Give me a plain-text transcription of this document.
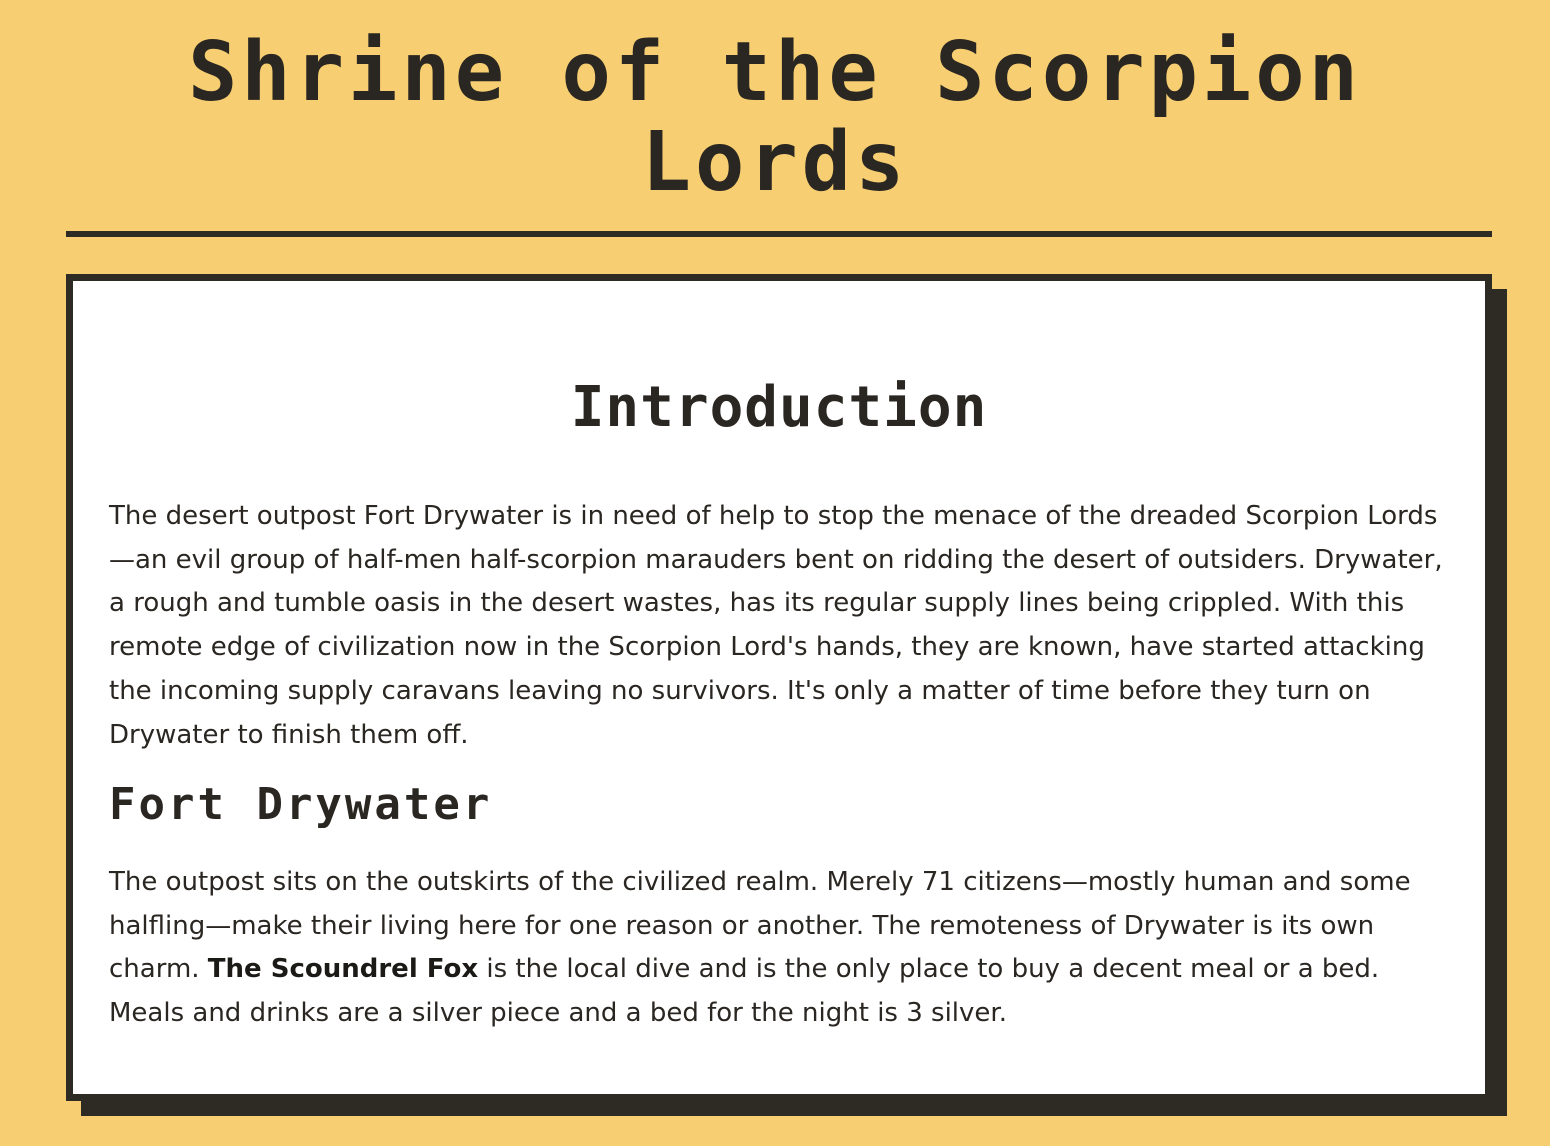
Shrine of the Scorpion Lords
Introduction

The desert outpost Fort Drywater is in need of help to stop the menace of the dreaded Scorpion Lords—an evil group of half-men half-scorpion marauders bent on ridding the desert of outsiders. Drywater, a rough and tumble oasis in the desert wastes, has its regular supply lines being crippled. With this remote edge of civilization now in the Scorpion Lord's hands, they are known, have started attacking the incoming supply caravans leaving no survivors. It's only a matter of time before they turn on Drywater to finish them off.

Fort Drywater

The outpost sits on the outskirts of the civilized realm. Merely 71 citizens—mostly human and some halfling—make their living here for one reason or another. The remoteness of Drywater is its own charm. The Scoundrel Fox is the local dive and is the only place to buy a decent meal or a bed. Meals and drinks are a silver piece and a bed for the night is 3 silver.
